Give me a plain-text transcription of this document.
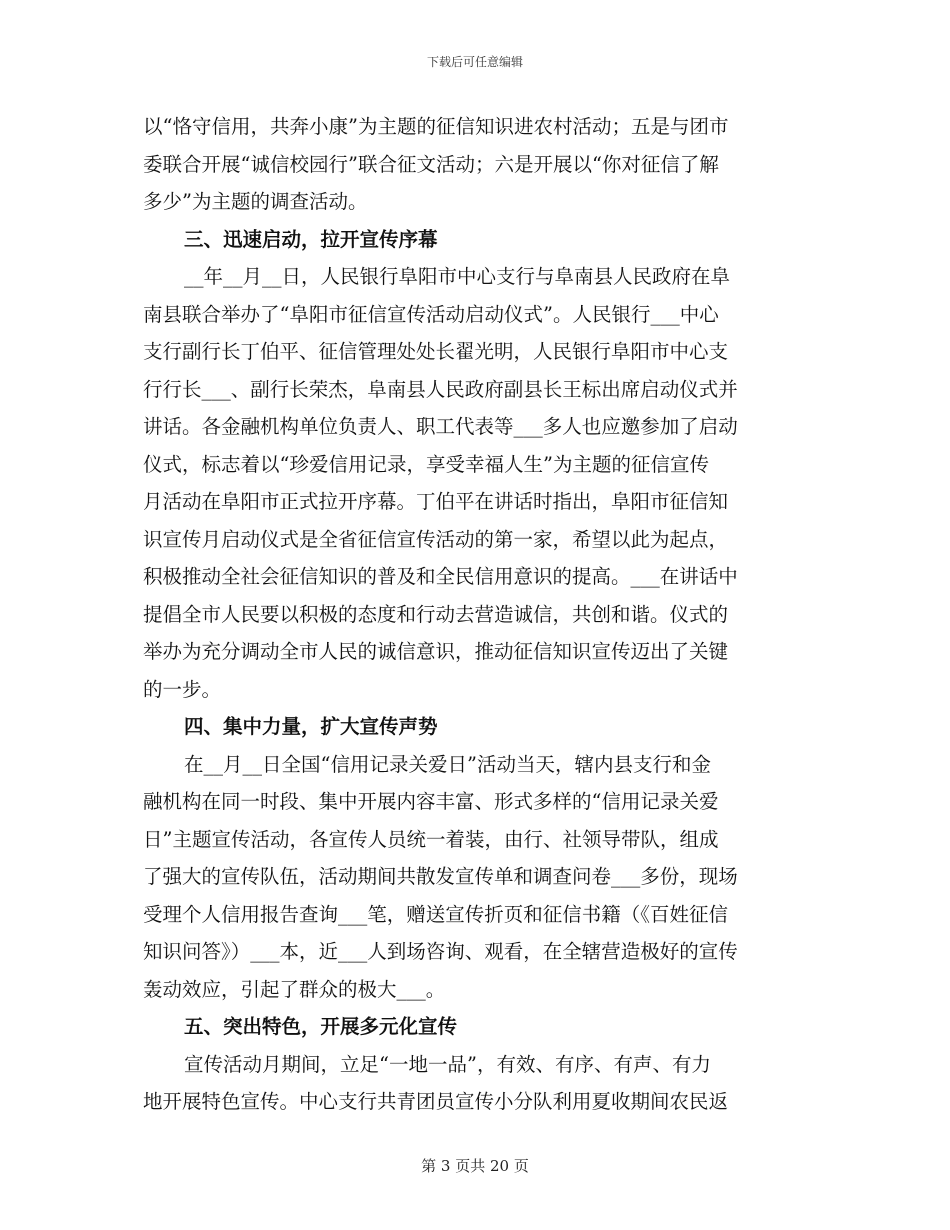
下载后可任意编辑
以“恪守信用，共奔小康”为主题的征信知识进农村活动；五是与团市
委联合开展“诚信校园行”联合征文活动；六是开展以“你对征信了解
多少”为主题的调查活动。
三、迅速启动，拉开宣传序幕
__年__月__日，人民银行阜阳市中心支行与阜南县人民政府在阜
南县联合举办了“阜阳市征信宣传活动启动仪式”。人民银行___中心
支行副行长丁伯平、征信管理处处长翟光明，人民银行阜阳市中心支
行行长___、副行长荣杰，阜南县人民政府副县长王标出席启动仪式并
讲话。各金融机构单位负责人、职工代表等___多人也应邀参加了启动
仪式，标志着以“珍爱信用记录，享受幸福人生”为主题的征信宣传
月活动在阜阳市正式拉开序幕。丁伯平在讲话时指出，阜阳市征信知
识宣传月启动仪式是全省征信宣传活动的第一家，希望以此为起点，
积极推动全社会征信知识的普及和全民信用意识的提高。___在讲话中
提倡全市人民要以积极的态度和行动去营造诚信，共创和谐。仪式的
举办为充分调动全市人民的诚信意识，推动征信知识宣传迈出了关键
的一步。
四、集中力量，扩大宣传声势
在__月__日全国“信用记录关爱日”活动当天，辖内县支行和金
融机构在同一时段、集中开展内容丰富、形式多样的“信用记录关爱
日”主题宣传活动，各宣传人员统一着装，由行、社领导带队，组成
了强大的宣传队伍，活动期间共散发宣传单和调查问卷___多份，现场
受理个人信用报告查询___笔，赠送宣传折页和征信书籍（《百姓征信
知识问答》）___本，近___人到场咨询、观看，在全辖营造极好的宣传
轰动效应，引起了群众的极大___。
五、突出特色，开展多元化宣传
宣传活动月期间，立足“一地一品”，有效、有序、有声、有力
地开展特色宣传。中心支行共青团员宣传小分队利用夏收期间农民返
第 3 页共 20 页
